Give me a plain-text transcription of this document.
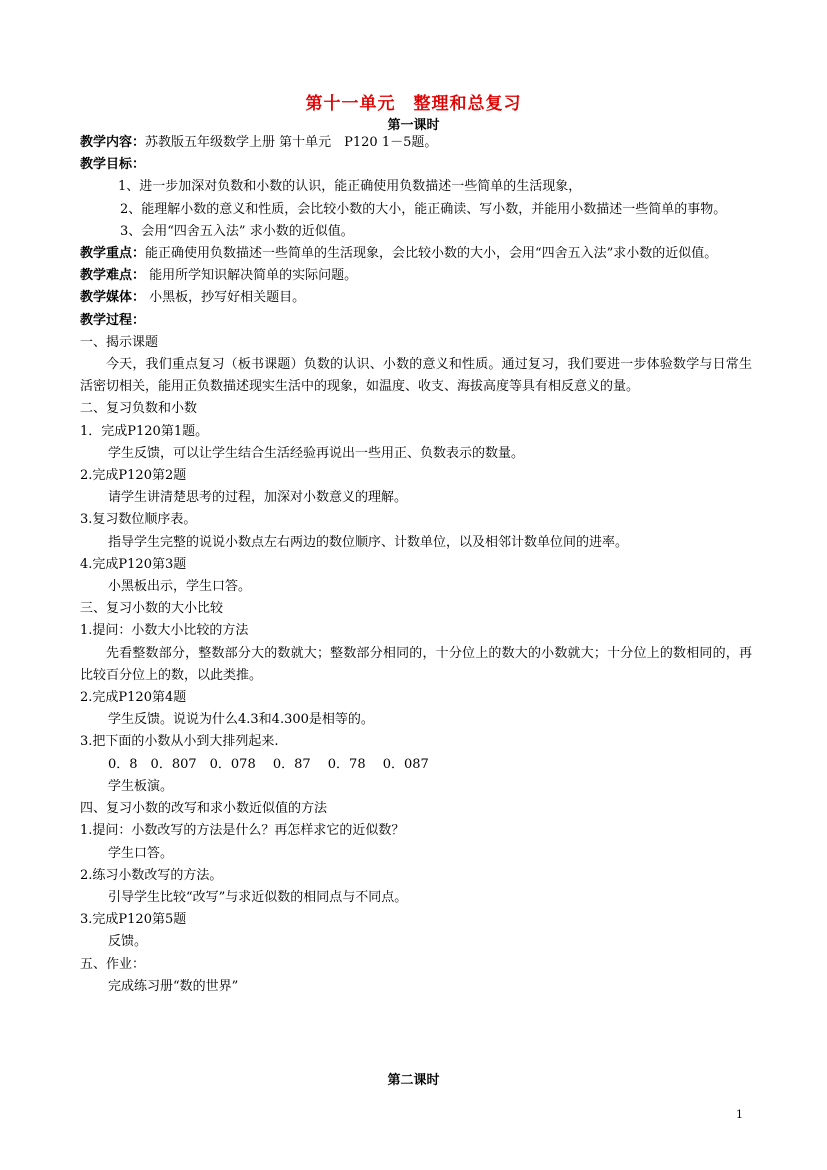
第十一单元　整理和总复习
第一课时

教学内容：苏教版五年级数学上册 第十单元　P120 1－5题。

教学目标：

1、进一步加深对负数和小数的认识，能正确使用负数描述一些简单的生活现象，

2、能理解小数的意义和性质，会比较小数的大小，能正确读、写小数，并能用小数描述一些简单的事物。

3、会用“四舍五入法” 求小数的近似值。

教学重点：能正确使用负数描述一些简单的生活现象，会比较小数的大小，会用“四舍五入法”求小数的近似值。

教学难点： 能用所学知识解决简单的实际问题。

教学媒体： 小黑板，抄写好相关题目。

教学过程：

一、揭示课题

今天，我们重点复习（板书课题）负数的认识、小数的意义和性质。通过复习，我们要进一步体验数学与日常生活密切相关，能用正负数描述现实生活中的现象，如温度、收支、海拔高度等具有相反意义的量。

二、复习负数和小数

1．完成P120第1题。

学生反馈，可以让学生结合生活经验再说出一些用正、负数表示的数量。

2.完成P120第2题

请学生讲清楚思考的过程，加深对小数意义的理解。

3.复习数位顺序表。

指导学生完整的说说小数点左右两边的数位顺序、计数单位，以及相邻计数单位间的进率。

4.完成P120第3题

小黑板出示，学生口答。

三、复习小数的大小比较

1.提问：小数大小比较的方法

先看整数部分，整数部分大的数就大；整数部分相同的，十分位上的数大的小数就大；十分位上的数相同的，再比较百分位上的数，以此类推。

2.完成P120第4题

学生反馈。说说为什么4.3和4.300是相等的。

3.把下面的小数从小到大排列起来.

0．8　0．807　0．078　 0．87　 0．78　 0．087

学生板演。

四、复习小数的改写和求小数近似值的方法

1.提问：小数改写的方法是什么？再怎样求它的近似数？

学生口答。

2.练习小数改写的方法。

引导学生比较“改写”与求近似数的相同点与不同点。

3.完成P120第5题

反馈。

五、作业：

完成练习册“数的世界”

第二课时
1
